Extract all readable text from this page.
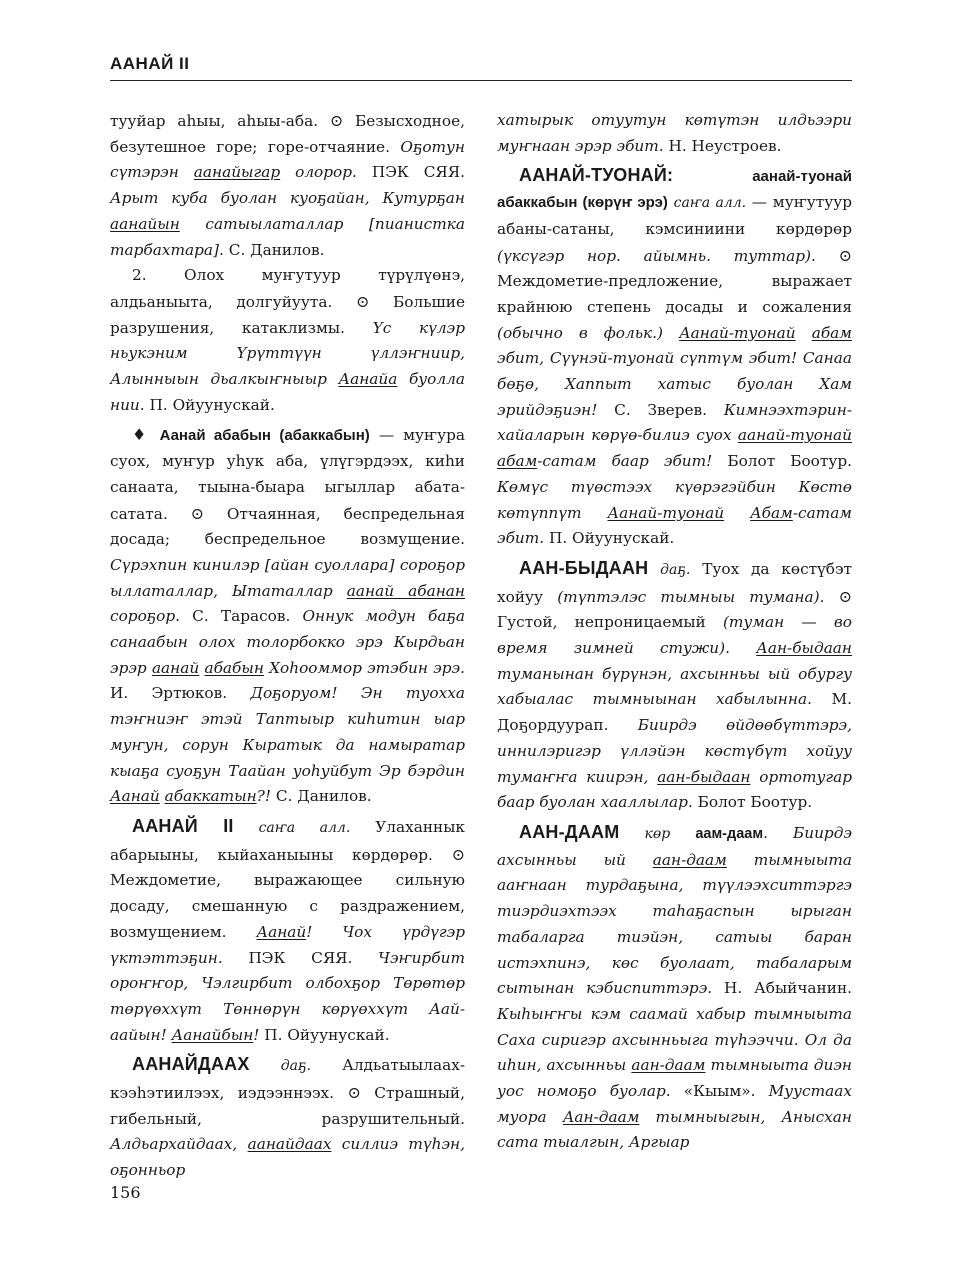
ААНАЙ II

тууйар аһыы, аһыы-аба. ⊙ Безысходное, безутешное горе; горе-отчаяние. Оҕотун сүтэрэн аанайыгар олорор. ПЭК СЯЯ. Арыт куба буолан куоҕайан, Кутурҕан аанайын сатыылаталлар [пианистка тарбахтара]. С. Данилов.

2. Олох муҥутуур түрүлүөнэ, алдьаныыта, долгуйуута. ⊙ Большие разрушения, катаклизмы. Үс күлэр ньукэним Үрүттүүн үллэҥнииp, Алынныын дьалкыҥныыр Аанайа буолла нии. П. Ойуунускай.

♦ Аанай абабын (абаккабын) — муҥура суох, муҥур уһук аба, үлүгэрдээх, киһи санаата, тыына-быара ыгыллар абата-сатата. ⊙ Отчаянная, беспредельная досада; беспредельное возмущение. Сүрэхпин кинилэр [айан суоллара] сороҕор ыллаталлар, Ытаталлар аанай абанан сороҕор. С. Тарасов. Оннук модун баҕа санаабын олох толорбокко эрэ Кырдьан эрэр аанай абабын Хоһооммор этэбин эрэ. И. Эртюков. Доҕоруом! Эн туохха тэҥниэҥ этэй Таптыыр киһитин ыар муҥун, сорун Кыратык да намыратар кыаҕа суоҕун Таайан уоһуйбут Эр бэрдин Аанай абаккатын?! С. Данилов.

ААНАЙ II саҥа алл. Улаханнык абарыыны, кыйаханыыны көрдөрөр. ⊙ Междометие, выражающее сильную досаду, смешанную с раздражением, возмущением. Аанай! Чох үрдүгэр үктэттэҕин. ПЭК СЯЯ. Чэҥирбит ороҥҥор, Чэлгирбит олбохҕор Төрөтөр төрүөххүт Төннөрүн көрүөххүт Аай-аайын! Аанайбын! П. Ойуунускай.

ААНАЙДААХ даҕ. Алдьатыылаах-кээһэтиилээх, иэдээннээх. ⊙ Страшный, гибельный, разрушительный. Алдьархайдаах, аанайдаах силлиэ түһэн, оҕонньор

хатырык отуутун көтүтэн илдьээри муҥнаан эрэр эбит. Н. Неустроев.

ААНАЙ-ТУОНАЙ:	аанай-туонай абаккабын (көрүҥ эрэ) саҥа алл. — муҥутуур абаны-сатаны, кэмсиниини көрдөрөр (үксүгэр нор. айымнь. туттар). ⊙ Междометие-предложение, выражает крайнюю степень досады и сожаления (обычно в фольк.) Аанай-туонай абам эбит, Сүүнэй-туонай сүптүм эбит! Санаа бөҕө, Хаппыт хатыс буолан Хам эрийдэҕиэн! С. Зверев. Кимнээхтэрин-хайаларын көрүө-билиэ суох аанай-туонай абам-сатам баар эбит! Болот Боотур. Көмүс түөстээх күөрэгэйбин Көстө көтүппүт Аанай-туонай Абам-сатам эбит. П. Ойуунускай.

ААН-БЫДААН даҕ. Туох да көстүбэт хойуу (түптэлэс тымныы тумана). ⊙ Густой, непроницаемый (туман — во время зимней стужи). Аан-быдаан туманынан бүрүнэн, ахсынньы ый обургу хабыалас тымныынан хабылынна. М. Доҕордуурап. Биирдэ өйдөөбүттэрэ, иннилэригэр үллэйэн көстүбүт хойуу тумаҥҥа киирэн, аан-быдаан ортотугар баар буолан хааллылар. Болот Боотур.

ААН-ДААМ көр аам-даам. Биирдэ ахсынньы ый аан-даам тымныыта ааҥнаан турдаҕына, түүлээхситтэргэ тиэрдиэхтээх таһаҕаспын ырыган табаларга тиэйэн, сатыы баран истэхпинэ, көс буолаат, табаларым сытынан кэбиспиттэрэ. Н. Абыйчанин. Кыһыҥҥы кэм саамай хабыр тымныыта Саха сиригэр ахсынньыга түһээччи. Ол да иһин, ахсынньы аан-даам тымныыта диэн уос номоҕо буолар. «Кыым». Муустаах муора Аан-даам тымныыгын, Анысхан сата тыалгын, Аргыар

156
